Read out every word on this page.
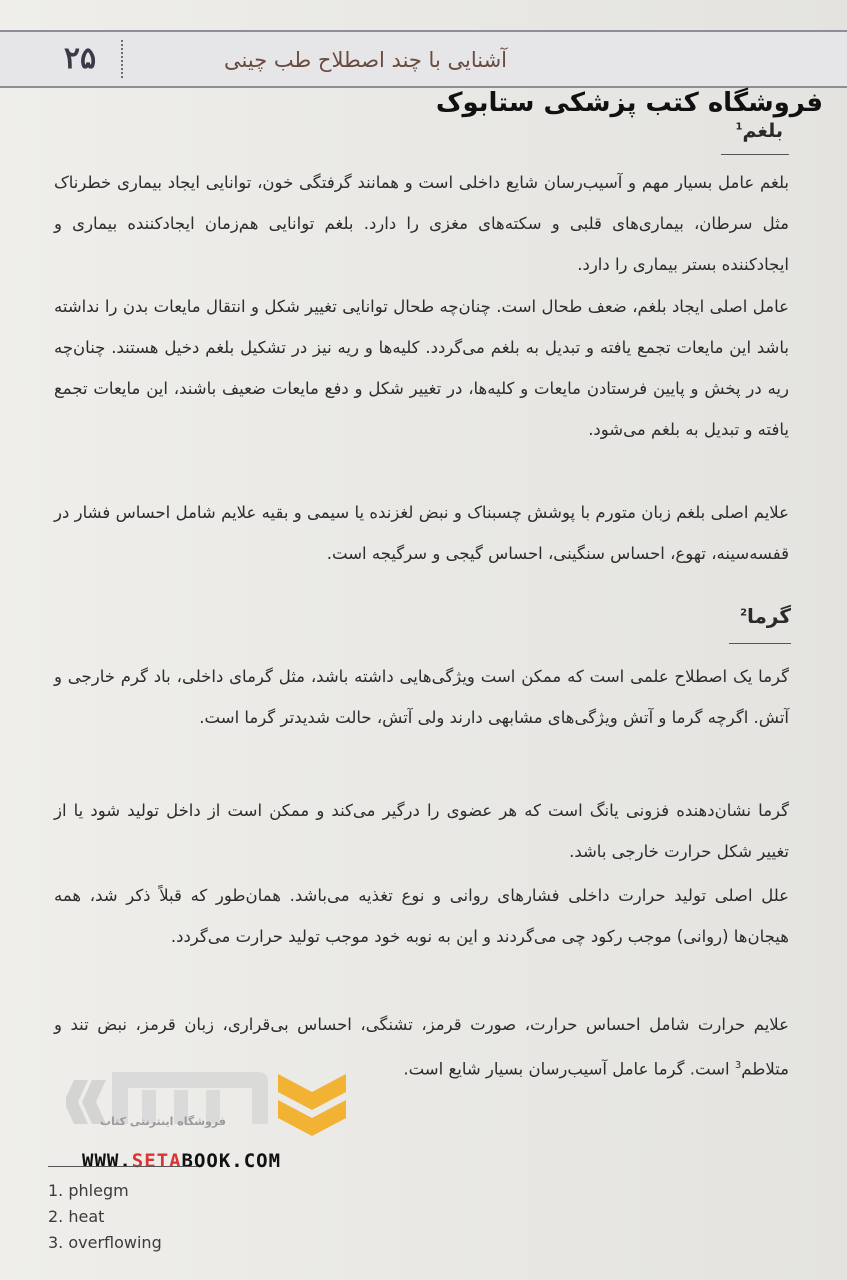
۲۵	آشنایی با چند اصطلاح طب چینی
فروشگاه کتب پزشکی ستابوک
بلغم$^1$

بلغم عامل بسیار مهم و آسیب‌رسان شایع داخلی است و همانند گرفتگی خون، توانایی ایجاد بیماری خطرناک مثل سرطان، بیماری‌های قلبی و سکته‌های مغزی را دارد. بلغم توانایی هم‌زمان ایجادکننده بیماری و ایجادکننده بستر بیماری را دارد.

عامل اصلی ایجاد بلغم، ضعف طحال است. چنان‌چه طحال توانایی تغییر شکل و انتقال مایعات بدن را نداشته باشد این مایعات تجمع یافته و تبدیل به بلغم می‌گردد. کلیه‌ها و ریه نیز در تشکیل بلغم دخیل هستند. چنان‌چه ریه در پخش و پایین فرستادن مایعات و کلیه‌ها، در تغییر شکل و دفع مایعات ضعیف باشند، این مایعات تجمع یافته و تبدیل به بلغم می‌شود.

علایم اصلی بلغم زبان متورم با پوشش چسبناک و نبض لغزنده یا سیمی و بقیه علایم شامل احساس فشار در قفسه‌سینه، تهوع، احساس سنگینی، احساس گیجی و سرگیجه است.

گرما$^2$

گرما یک اصطلاح علمی است که ممکن است ویژگی‌هایی داشته باشد، مثل گرمای داخلی، باد گرم خارجی و آتش. اگرچه گرما و آتش ویژگی‌های مشابهی دارند ولی آتش، حالت شدیدتر گرما است.

گرما نشان‌دهنده فزونی یانگ است که هر عضوی را درگیر می‌کند و ممکن است از داخل تولید شود یا از تغییر شکل حرارت خارجی باشد.

علل اصلی تولید حرارت داخلی فشارهای روانی و نوع تغذیه می‌باشد. همان‌طور که قبلاً ذکر شد، همه هیجان‌ها (روانی) موجب رکود چی می‌گردند و این به نوبه خود موجب تولید حرارت می‌گردد.

علایم حرارت شامل احساس حرارت، صورت قرمز، تشنگی، احساس بی‌قراری، زبان قرمز، نبض تند و متلاطم$^3$ است. گرما عامل آسیب‌رسان بسیار شایع است.

فروشگاه اینترنتی کتاب
WWW.SETABOOK.COM
1. phlegm
2. heat
3. overflowing
